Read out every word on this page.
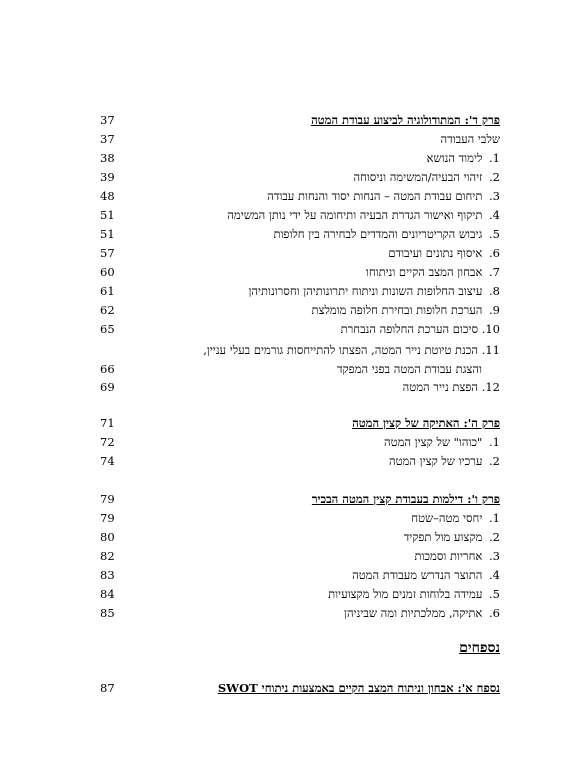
37	פרק ד': המתודולוגיה לביצוע עבודת המטה
37	שלבי העבודה
38	1. לימוד הנושא
39	2. זיהוי הבעיה/המשימה וניסוחה
48	3. תיחום עבודת המטה – הנחות יסוד והנחות עבודה
51	4. תיקוף ואישור הגדרת הבעיה ותיחומה על ידי נותן המשימה
51	5. גיבוש הקריטריונים והמדדים לבחירה בין חלופות
57	6. איסוף נתונים ועיבודם
60	7. אבחון המצב הקיים וניתוחו
61	8. עיצוב החלופות השונות וניתוח יתרונותיהן וחסרונותיהן
62	9. הערכת חלופות ובחירת חלופה מומלצת
65	10. סיכום הערכת החלופה הנבחרת
11. הכנת טיוטת נייר המטה, הפצתו להתייחסות גורמים בעלי עניין,
66	והצגת עבודת המטה בפני המפקד
69	12. הפצת נייר המטה
71	פרק ה': האתיקה של קצין המטה
72	1. "כוהו" של קצין המטה
74	2. ערכיו של קצין המטה
79	פרק ו': דילמות בעבודת קצין המטה הבכיר
79	1. יחסי מטה–שטח
80	2. מקצוע מול תפקיד
82	3. אחריות וסמכות
83	4. התוצר הנדרש מעבודת המטה
84	5. עמידה בלוחות זמנים מול מקצועיות
85	6. אתיקה, ממלכתיות ומה שביניהן
נספחים
87	נספח א': אבחון וניתוח המצב הקיים באמצעות ניתוחי SWOT
